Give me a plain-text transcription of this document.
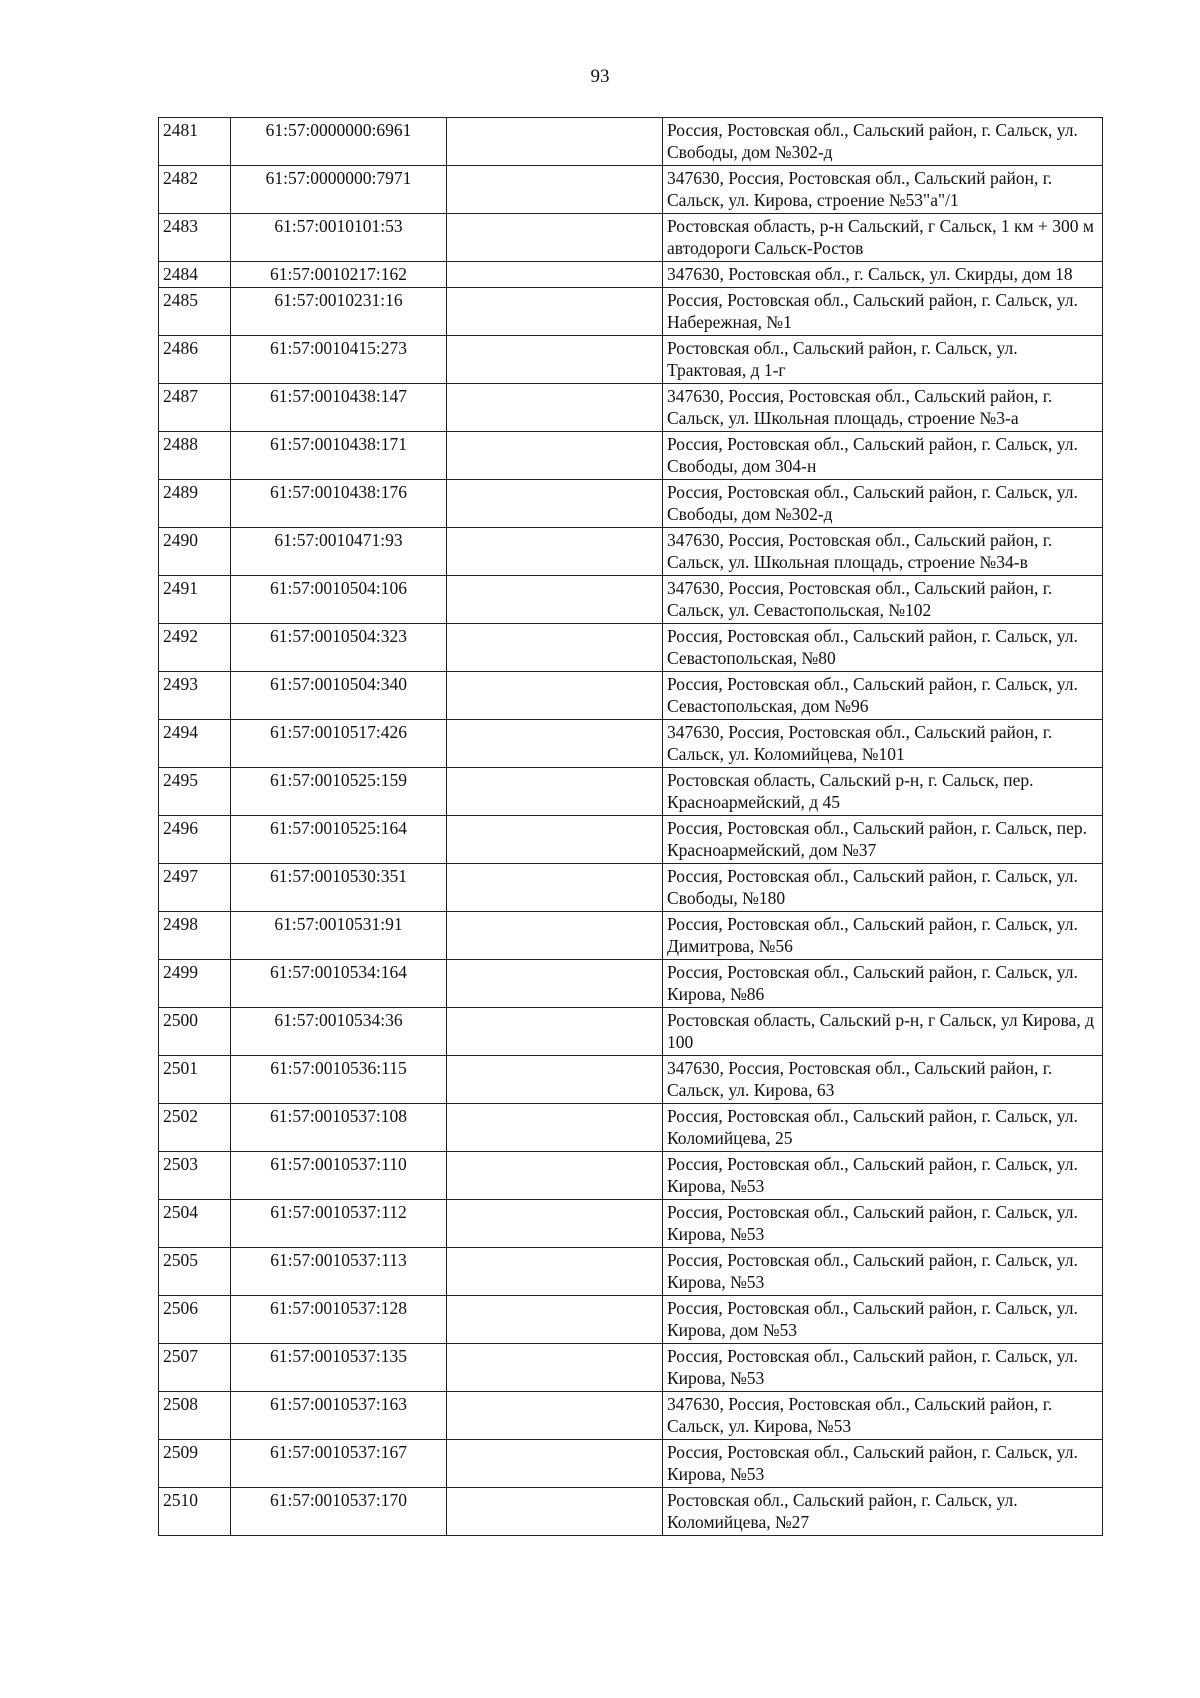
93
2481	61:57:0000000:6961		Россия, Ростовская обл., Сальский район, г. Сальск, ул. Свободы, дом №302-д
2482	61:57:0000000:7971		347630, Россия, Ростовская обл., Сальский район, г. Сальск, ул. Кирова, строение №53"а"/1
2483	61:57:0010101:53		Ростовская область, р-н Сальский, г Сальск, 1 км + 300 м автодороги Сальск-Ростов
2484	61:57:0010217:162		347630, Ростовская обл., г. Сальск, ул. Скирды, дом 18
2485	61:57:0010231:16		Россия, Ростовская обл., Сальский район, г. Сальск, ул. Набережная, №1
2486	61:57:0010415:273		Ростовская обл., Сальский район, г. Сальск, ул. Трактовая, д 1-г
2487	61:57:0010438:147		347630, Россия, Ростовская обл., Сальский район, г. Сальск, ул. Школьная площадь, строение №3-а
2488	61:57:0010438:171		Россия, Ростовская обл., Сальский район, г. Сальск, ул. Свободы, дом 304-н
2489	61:57:0010438:176		Россия, Ростовская обл., Сальский район, г. Сальск, ул. Свободы, дом №302-д
2490	61:57:0010471:93		347630, Россия, Ростовская обл., Сальский район, г. Сальск, ул. Школьная площадь, строение №34-в
2491	61:57:0010504:106		347630, Россия, Ростовская обл., Сальский район, г. Сальск, ул. Севастопольская, №102
2492	61:57:0010504:323		Россия, Ростовская обл., Сальский район, г. Сальск, ул. Севастопольская, №80
2493	61:57:0010504:340		Россия, Ростовская обл., Сальский район, г. Сальск, ул. Севастопольская, дом №96
2494	61:57:0010517:426		347630, Россия, Ростовская обл., Сальский район, г. Сальск, ул. Коломийцева, №101
2495	61:57:0010525:159		Ростовская область, Сальский р-н, г. Сальск, пер. Красноармейский, д 45
2496	61:57:0010525:164		Россия, Ростовская обл., Сальский район, г. Сальск, пер. Красноармейский, дом №37
2497	61:57:0010530:351		Россия, Ростовская обл., Сальский район, г. Сальск, ул. Свободы, №180
2498	61:57:0010531:91		Россия, Ростовская обл., Сальский район, г. Сальск, ул. Димитрова, №56
2499	61:57:0010534:164		Россия, Ростовская обл., Сальский район, г. Сальск, ул. Кирова, №86
2500	61:57:0010534:36		Ростовская область, Сальский р-н, г Сальск, ул Кирова, д 100
2501	61:57:0010536:115		347630, Россия, Ростовская обл., Сальский район, г. Сальск, ул. Кирова, 63
2502	61:57:0010537:108		Россия, Ростовская обл., Сальский район, г. Сальск, ул. Коломийцева, 25
2503	61:57:0010537:110		Россия, Ростовская обл., Сальский район, г. Сальск, ул. Кирова, №53
2504	61:57:0010537:112		Россия, Ростовская обл., Сальский район, г. Сальск, ул. Кирова, №53
2505	61:57:0010537:113		Россия, Ростовская обл., Сальский район, г. Сальск, ул. Кирова, №53
2506	61:57:0010537:128		Россия, Ростовская обл., Сальский район, г. Сальск, ул. Кирова, дом №53
2507	61:57:0010537:135		Россия, Ростовская обл., Сальский район, г. Сальск, ул. Кирова, №53
2508	61:57:0010537:163		347630, Россия, Ростовская обл., Сальский район, г. Сальск, ул. Кирова, №53
2509	61:57:0010537:167		Россия, Ростовская обл., Сальский район, г. Сальск, ул. Кирова, №53
2510	61:57:0010537:170		Ростовская обл., Сальский район, г. Сальск, ул. Коломийцева, №27
